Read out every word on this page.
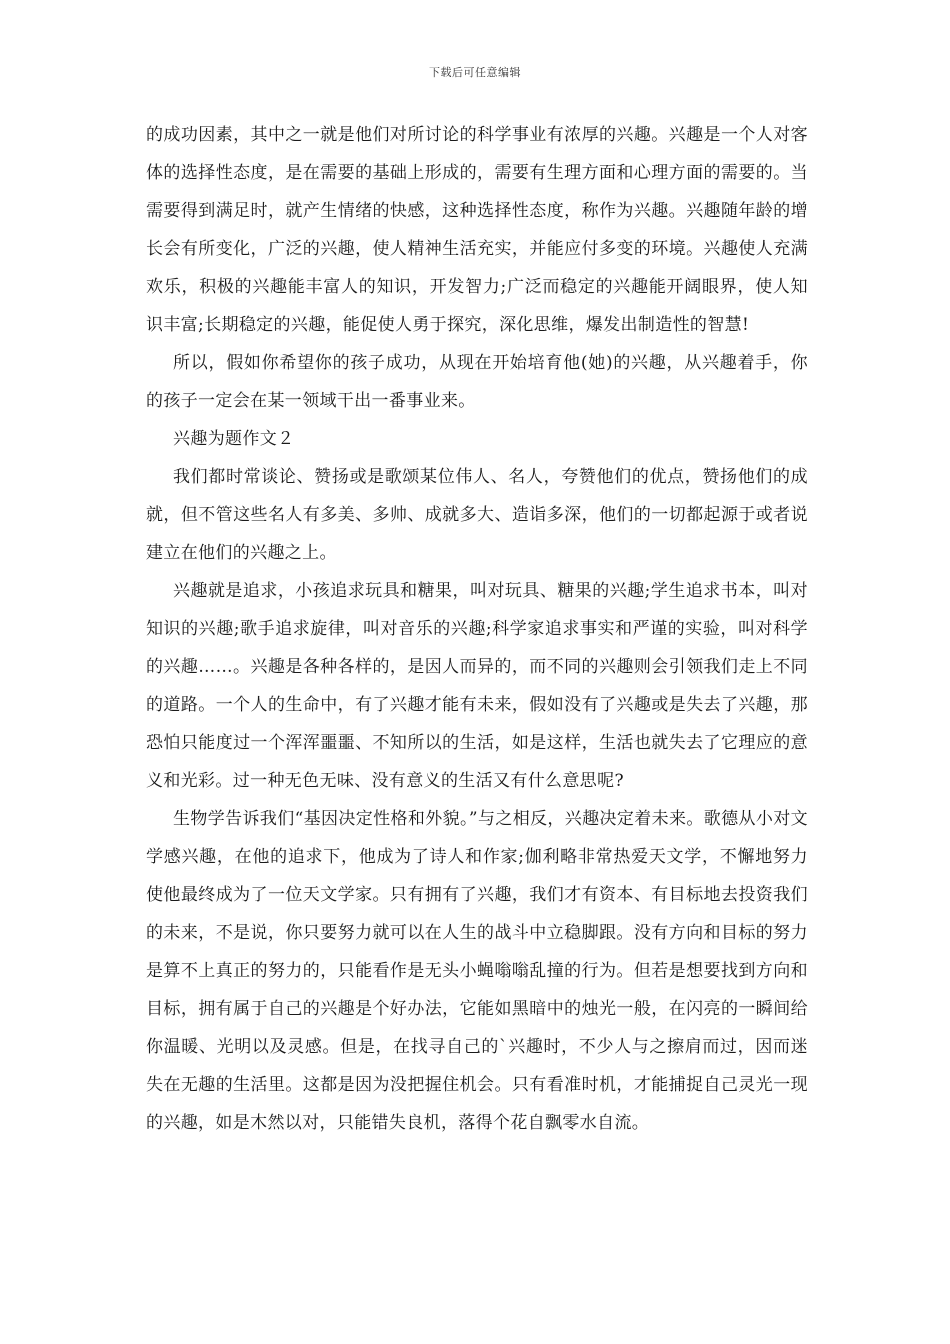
下载后可任意编辑

的成功因素，其中之一就是他们对所讨论的科学事业有浓厚的兴趣。兴趣是一个人对客体的选择性态度，是在需要的基础上形成的，需要有生理方面和心理方面的需要的。当需要得到满足时，就产生情绪的快感，这种选择性态度，称作为兴趣。兴趣随年龄的增长会有所变化，广泛的兴趣，使人精神生活充实，并能应付多变的环境。兴趣使人充满欢乐，积极的兴趣能丰富人的知识，开发智力;广泛而稳定的兴趣能开阔眼界，使人知识丰富;长期稳定的兴趣，能促使人勇于探究，深化思维，爆发出制造性的智慧!

所以，假如你希望你的孩子成功，从现在开始培育他(她)的兴趣，从兴趣着手，你的孩子一定会在某一领域干出一番事业来。

兴趣为题作文２

我们都时常谈论、赞扬或是歌颂某位伟人、名人，夸赞他们的优点，赞扬他们的成就，但不管这些名人有多美、多帅、成就多大、造诣多深，他们的一切都起源于或者说建立在他们的兴趣之上。

兴趣就是追求，小孩追求玩具和糖果，叫对玩具、糖果的兴趣;学生追求书本，叫对知识的兴趣;歌手追求旋律，叫对音乐的兴趣;科学家追求事实和严谨的实验，叫对科学的兴趣……。兴趣是各种各样的，是因人而异的，而不同的兴趣则会引领我们走上不同的道路。一个人的生命中，有了兴趣才能有未来，假如没有了兴趣或是失去了兴趣，那恐怕只能度过一个浑浑噩噩、不知所以的生活，如是这样，生活也就失去了它理应的意义和光彩。过一种无色无味、没有意义的生活又有什么意思呢?

生物学告诉我们“基因决定性格和外貌。”与之相反，兴趣决定着未来。歌德从小对文学感兴趣，在他的追求下，他成为了诗人和作家;伽利略非常热爱天文学，不懈地努力使他最终成为了一位天文学家。只有拥有了兴趣，我们才有资本、有目标地去投资我们的未来，不是说，你只要努力就可以在人生的战斗中立稳脚跟。没有方向和目标的努力是算不上真正的努力的，只能看作是无头小蝇嗡嗡乱撞的行为。但若是想要找到方向和目标，拥有属于自己的兴趣是个好办法，它能如黑暗中的烛光一般，在闪亮的一瞬间给你温暖、光明以及灵感。但是，在找寻自己的`兴趣时，不少人与之擦肩而过，因而迷失在无趣的生活里。这都是因为没把握住机会。只有看准时机，才能捕捉自己灵光一现的兴趣，如是木然以对，只能错失良机，落得个花自飘零水自流。
